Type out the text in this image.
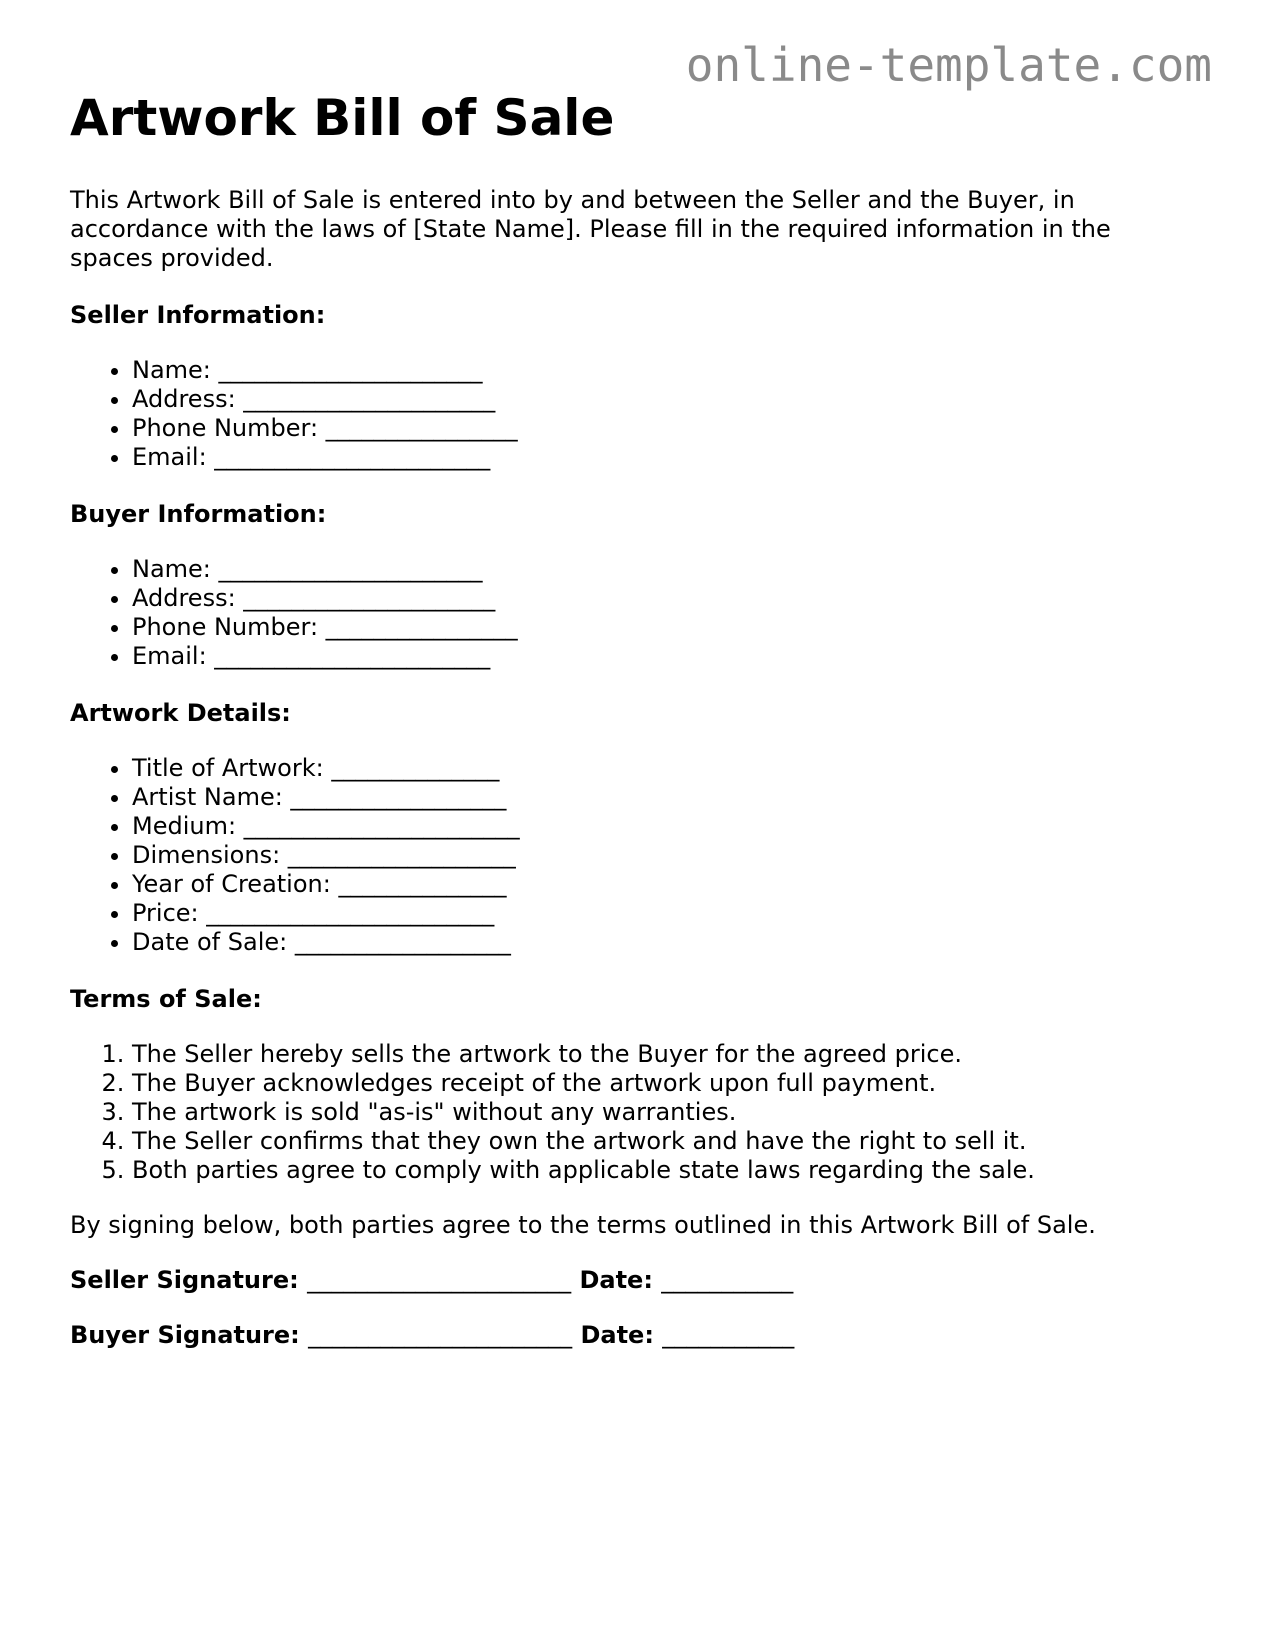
online-template.com
Artwork Bill of Sale

This Artwork Bill of Sale is entered into by and between the Seller and the Buyer, in accordance with the laws of [State Name]. Please fill in the required information in the spaces provided.

Seller Information:
• Name: ______________________
• Address: _____________________
• Phone Number: ________________
• Email: _______________________
Buyer Information:
• Name: ______________________
• Address: _____________________
• Phone Number: ________________
• Email: _______________________
Artwork Details:
• Title of Artwork: ______________
• Artist Name: __________________
• Medium: _______________________
• Dimensions: ___________________
• Year of Creation: ______________
• Price: ________________________
• Date of Sale: __________________
Terms of Sale:
1. The Seller hereby sells the artwork to the Buyer for the agreed price.
2. The Buyer acknowledges receipt of the artwork upon full payment.
3. The artwork is sold "as-is" without any warranties.
4. The Seller confirms that they own the artwork and have the right to sell it.
5. Both parties agree to comply with applicable state laws regarding the sale.

By signing below, both parties agree to the terms outlined in this Artwork Bill of Sale.

Seller Signature: ______________________ Date: ___________

Buyer Signature: ______________________ Date: ___________
